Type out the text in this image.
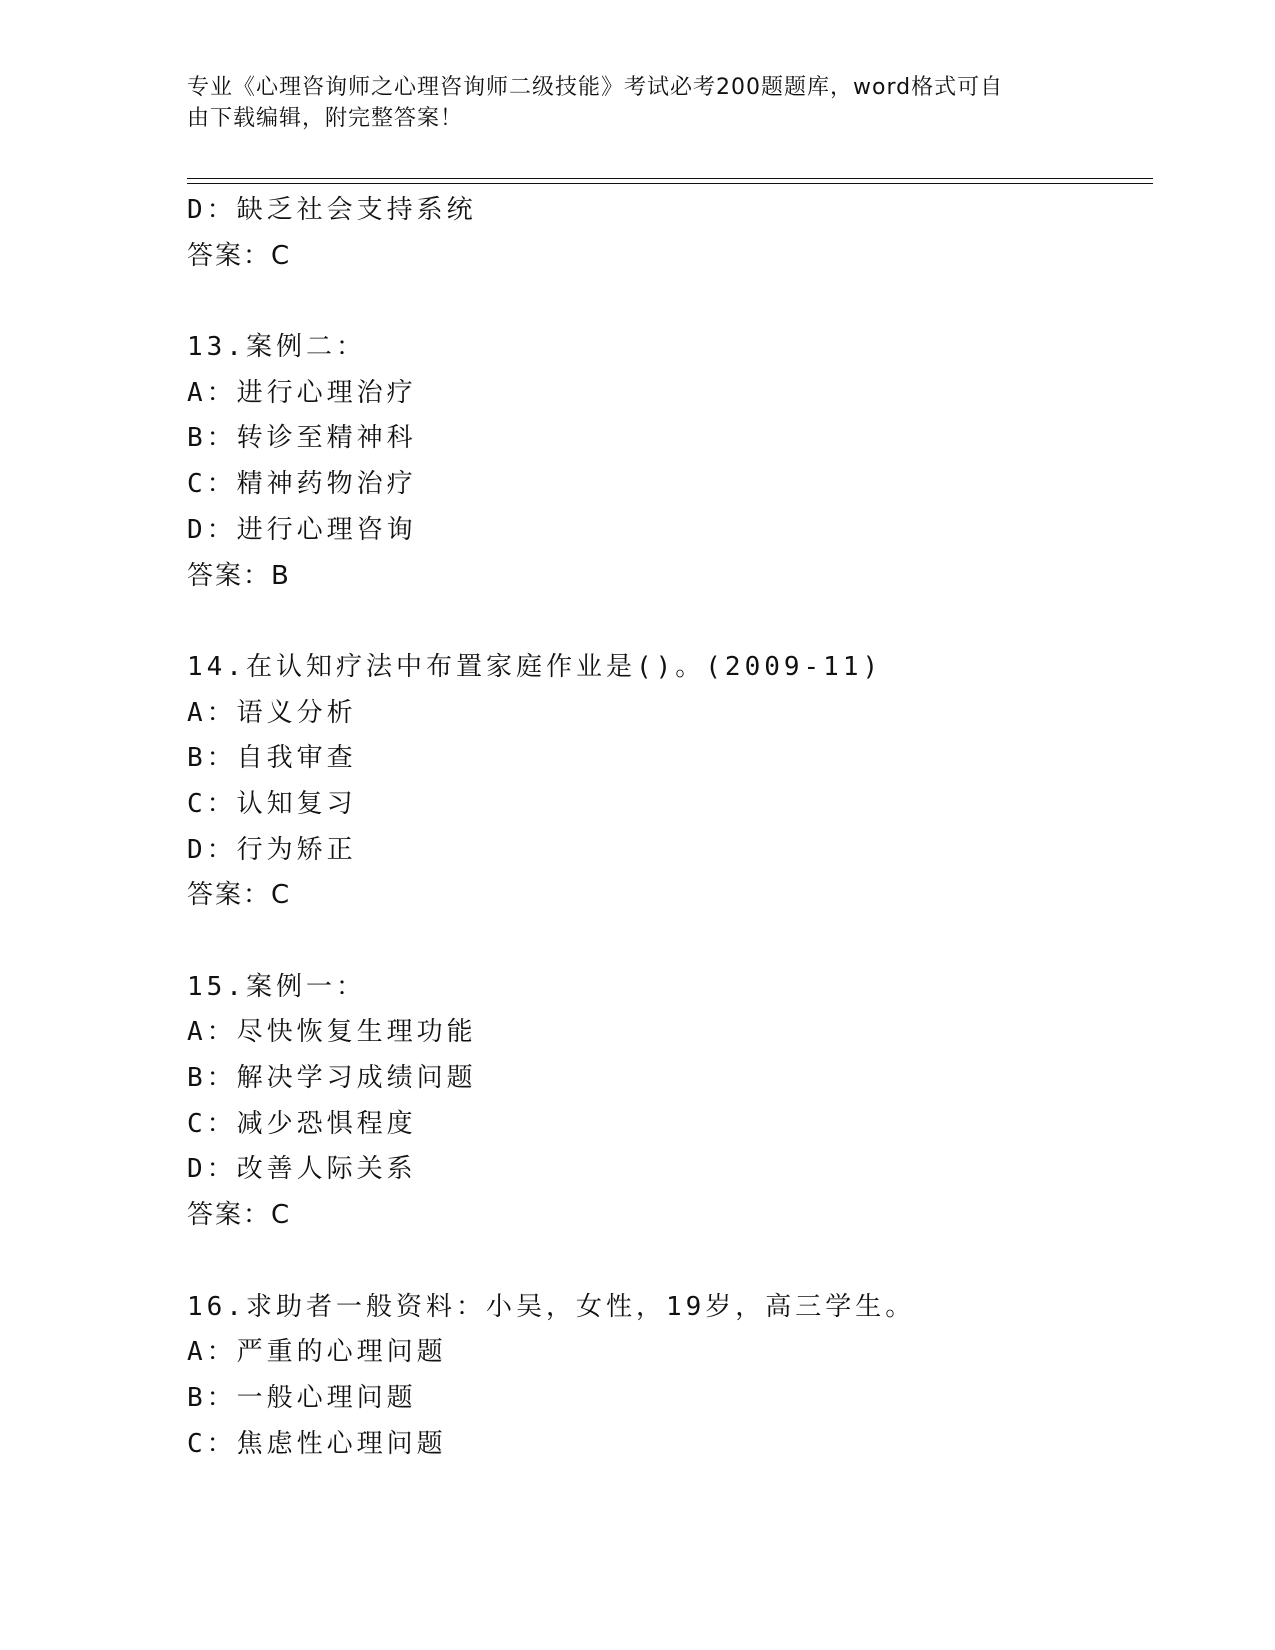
专业《心理咨询师之心理咨询师二级技能》考试必考200题题库，word格式可自
由下载编辑，附完整答案！
D：缺乏社会支持系统
答案：C
13.案例二：
A：进行心理治疗
B：转诊至精神科
C：精神药物治疗
D：进行心理咨询
答案：B
14.在认知疗法中布置家庭作业是()。(2009-11)
A：语义分析
B：自我审查
C：认知复习
D：行为矫正
答案：C
15.案例一：
A：尽快恢复生理功能
B：解决学习成绩问题
C：减少恐惧程度
D：改善人际关系
答案：C
16.求助者一般资料：小吴，女性，19岁，高三学生。
A：严重的心理问题
B：一般心理问题
C：焦虑性心理问题
